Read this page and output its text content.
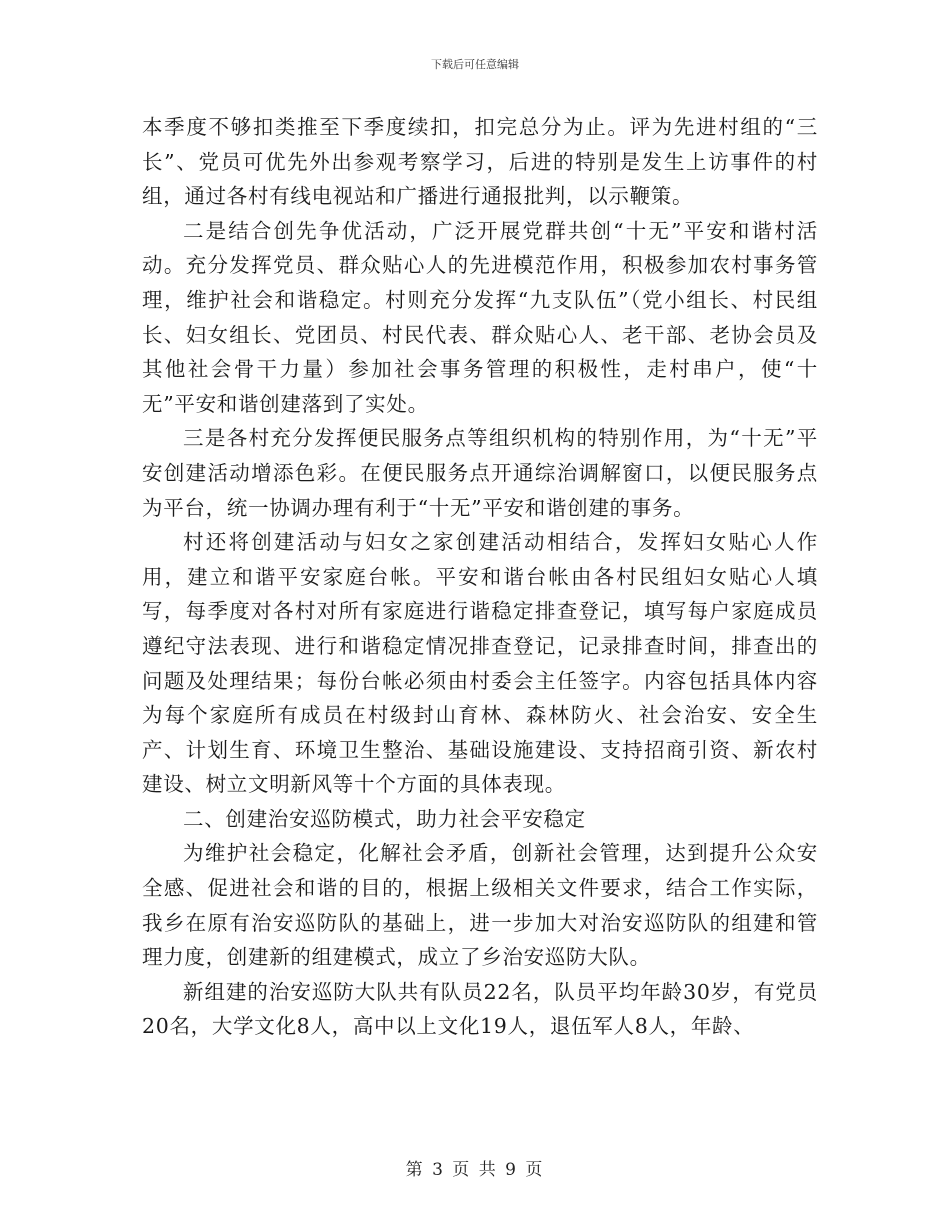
下载后可任意编辑

本季度不够扣类推至下季度续扣，扣完总分为止。评为先进村组的“三长”、党员可优先外出参观考察学习，后进的特别是发生上访事件的村组，通过各村有线电视站和广播进行通报批判，以示鞭策。

二是结合创先争优活动，广泛开展党群共创“十无”平安和谐村活动。充分发挥党员、群众贴心人的先进模范作用，积极参加农村事务管理，维护社会和谐稳定。村则充分发挥“九支队伍”（党小组长、村民组长、妇女组长、党团员、村民代表、群众贴心人、老干部、老协会员及其他社会骨干力量）参加社会事务管理的积极性，走村串户，使“十无”平安和谐创建落到了实处。

三是各村充分发挥便民服务点等组织机构的特别作用，为“十无”平安创建活动增添色彩。在便民服务点开通综治调解窗口，以便民服务点为平台，统一协调办理有利于“十无”平安和谐创建的事务。

村还将创建活动与妇女之家创建活动相结合，发挥妇女贴心人作用，建立和谐平安家庭台帐。平安和谐台帐由各村民组妇女贴心人填写，每季度对各村对所有家庭进行谐稳定排查登记，填写每户家庭成员遵纪守法表现、进行和谐稳定情况排查登记，记录排查时间，排查出的问题及处理结果；每份台帐必须由村委会主任签字。内容包括具体内容为每个家庭所有成员在村级封山育林、森林防火、社会治安、安全生产、计划生育、环境卫生整治、基础设施建设、支持招商引资、新农村建设、树立文明新风等十个方面的具体表现。

二、创建治安巡防模式，助力社会平安稳定

为维护社会稳定，化解社会矛盾，创新社会管理，达到提升公众安全感、促进社会和谐的目的，根据上级相关文件要求，结合工作实际，我乡在原有治安巡防队的基础上，进一步加大对治安巡防队的组建和管理力度，创建新的组建模式，成立了乡治安巡防大队。

新组建的治安巡防大队共有队员22名，队员平均年龄30岁，有党员20名，大学文化8人，高中以上文化19人，退伍军人8人，年龄、

第 3 页 共 9 页
